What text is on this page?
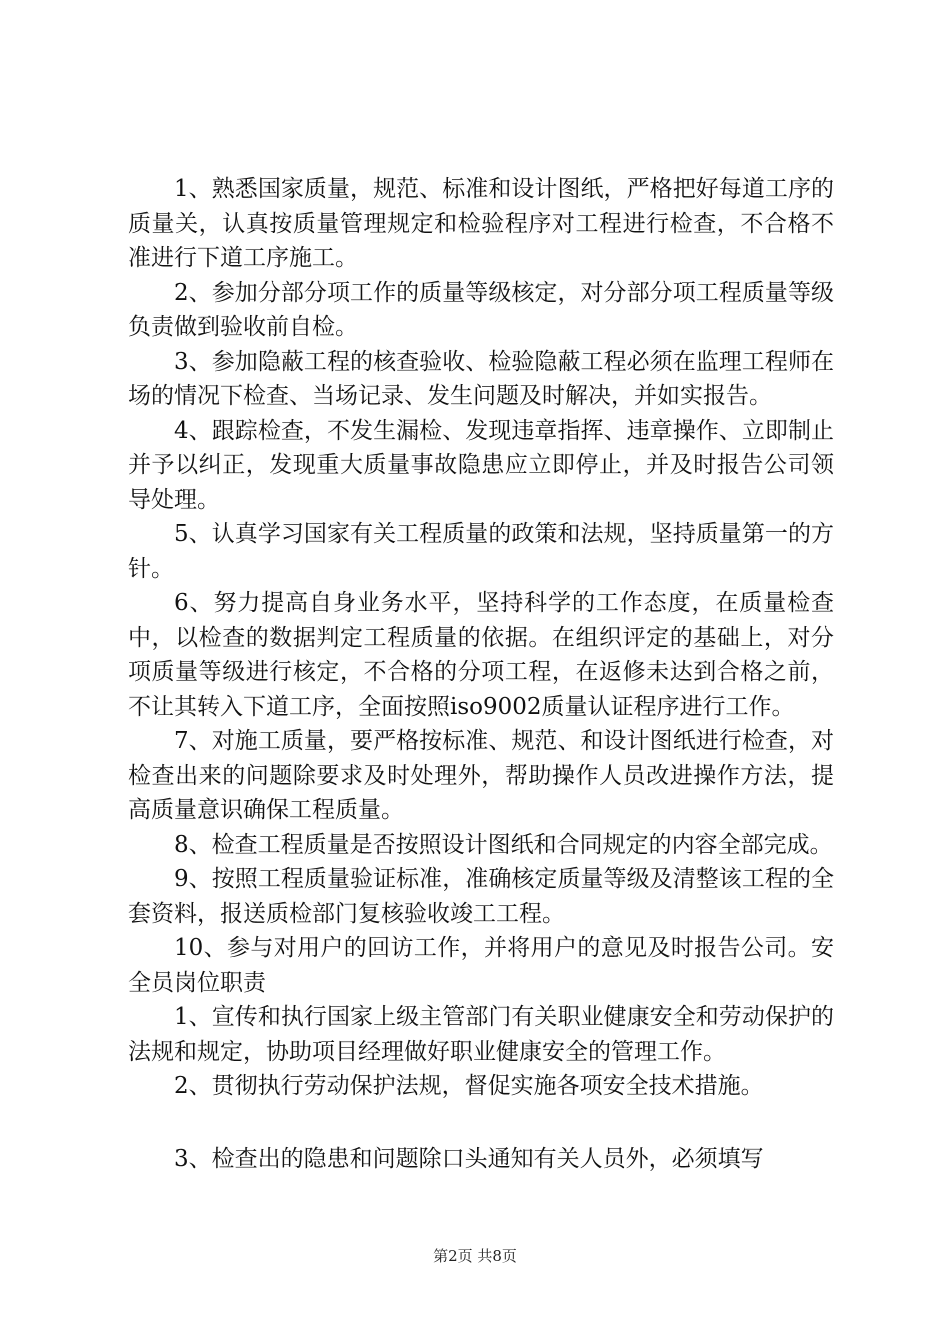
1、熟悉国家质量，规范、标准和设计图纸，严格把好每道工序的质量关，认真按质量管理规定和检验程序对工程进行检查，不合格不准进行下道工序施工。

2、参加分部分项工作的质量等级核定，对分部分项工程质量等级负责做到验收前自检。

3、参加隐蔽工程的核查验收、检验隐蔽工程必须在监理工程师在场的情况下检查、当场记录、发生问题及时解决，并如实报告。

4、跟踪检查，不发生漏检、发现违章指挥、违章操作、立即制止并予以纠正，发现重大质量事故隐患应立即停止，并及时报告公司领导处理。

5、认真学习国家有关工程质量的政策和法规，坚持质量第一的方针。

6、努力提高自身业务水平，坚持科学的工作态度，在质量检查中，以检查的数据判定工程质量的依据。在组织评定的基础上，对分项质量等级进行核定，不合格的分项工程，在返修未达到合格之前，不让其转入下道工序，全面按照iso9002质量认证程序进行工作。

7、对施工质量，要严格按标准、规范、和设计图纸进行检查，对检查出来的问题除要求及时处理外，帮助操作人员改进操作方法，提高质量意识确保工程质量。

8、检查工程质量是否按照设计图纸和合同规定的内容全部完成。

9、按照工程质量验证标准，准确核定质量等级及清整该工程的全套资料，报送质检部门复核验收竣工工程。

10、参与对用户的回访工作，并将用户的意见及时报告公司。安全员岗位职责

1、宣传和执行国家上级主管部门有关职业健康安全和劳动保护的法规和规定，协助项目经理做好职业健康安全的管理工作。

2、贯彻执行劳动保护法规，督促实施各项安全技术措施。

3、检查出的隐患和问题除口头通知有关人员外，必须填写

第2页 共8页
